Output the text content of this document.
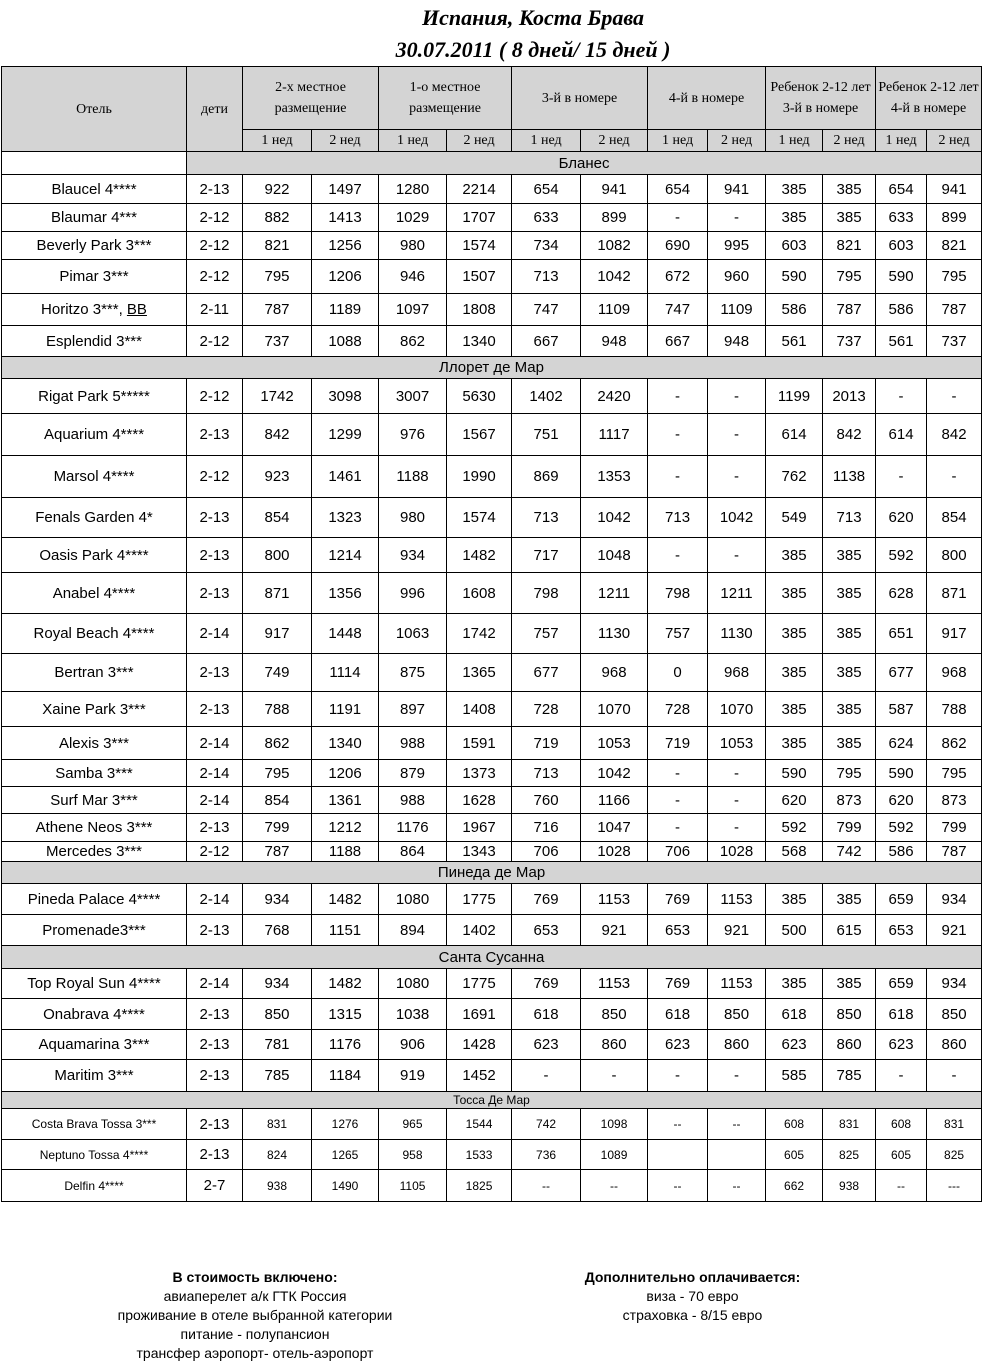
Испания, Коста Брава
30.07.2011 ( 8 дней/ 15 дней )
Отель	дети	2-х местное размещение		1-о местное размещение		3-й в номере		4-й в номере		Ребенок 2-12 лет 3-й в номере		Ребенок 2-12 лет 4-й в номере	
		1 нед	2 нед	1 нед	2 нед	1 нед	2 нед	1 нед	2 нед	1 нед	2 нед	1 нед	2 нед
	Бланес												
Blaucel 4****	2-13	922	1497	1280	2214	654	941	654	941	385	385	654	941
Blaumar 4***	2-12	882	1413	1029	1707	633	899	-	-	385	385	633	899
Beverly Park 3***	2-12	821	1256	980	1574	734	1082	690	995	603	821	603	821
Pimar 3***	2-12	795	1206	946	1507	713	1042	672	960	590	795	590	795
Horitzo 3***, BB	2-11	787	1189	1097	1808	747	1109	747	1109	586	787	586	787
Esplendid 3***	2-12	737	1088	862	1340	667	948	667	948	561	737	561	737
Ллорет де Мар													
Rigat Park 5*****	2-12	1742	3098	3007	5630	1402	2420	-	-	1199	2013	-	-
Aquarium 4****	2-13	842	1299	976	1567	751	1117	-	-	614	842	614	842
Marsol 4****	2-12	923	1461	1188	1990	869	1353	-	-	762	1138	-	-
Fenals Garden 4*	2-13	854	1323	980	1574	713	1042	713	1042	549	713	620	854
Oasis Park 4****	2-13	800	1214	934	1482	717	1048	-	-	385	385	592	800
Anabel 4****	2-13	871	1356	996	1608	798	1211	798	1211	385	385	628	871
Royal Beach 4****	2-14	917	1448	1063	1742	757	1130	757	1130	385	385	651	917
Bertran 3***	2-13	749	1114	875	1365	677	968	0	968	385	385	677	968
Xaine Park 3***	2-13	788	1191	897	1408	728	1070	728	1070	385	385	587	788
Alexis 3***	2-14	862	1340	988	1591	719	1053	719	1053	385	385	624	862
Samba 3***	2-14	795	1206	879	1373	713	1042	-	-	590	795	590	795
Surf Mar 3***	2-14	854	1361	988	1628	760	1166	-	-	620	873	620	873
Athene Neos 3***	2-13	799	1212	1176	1967	716	1047	-	-	592	799	592	799
Mercedes 3***	2-12	787	1188	864	1343	706	1028	706	1028	568	742	586	787
Пинеда де Мар													
Pineda Palace 4****	2-14	934	1482	1080	1775	769	1153	769	1153	385	385	659	934
Promenade3***	2-13	768	1151	894	1402	653	921	653	921	500	615	653	921
Санта Сусанна													
Top Royal Sun 4****	2-14	934	1482	1080	1775	769	1153	769	1153	385	385	659	934
Onabrava 4****	2-13	850	1315	1038	1691	618	850	618	850	618	850	618	850
Aquamarina 3***	2-13	781	1176	906	1428	623	860	623	860	623	860	623	860
Maritim 3***	2-13	785	1184	919	1452	-	-	-	-	585	785	-	-
Тосса Де Мар													
Costa Brava Tossa 3***	2-13	831	1276	965	1544	742	1098	--	--	608	831	608	831
Neptuno Tossa 4****	2-13	824	1265	958	1533	736	1089			605	825	605	825
Delfin 4****	2-7	938	1490	1105	1825	--	--	--	--	662	938	--	---
В стоимость включено:
авиаперелет а/к ГТК Россия
проживание в отеле выбранной категории
питание - полупансион
трансфер аэропорт- отель-аэропорт
Дополнительно оплачивается:
виза - 70 евро
страховка - 8/15 евро
